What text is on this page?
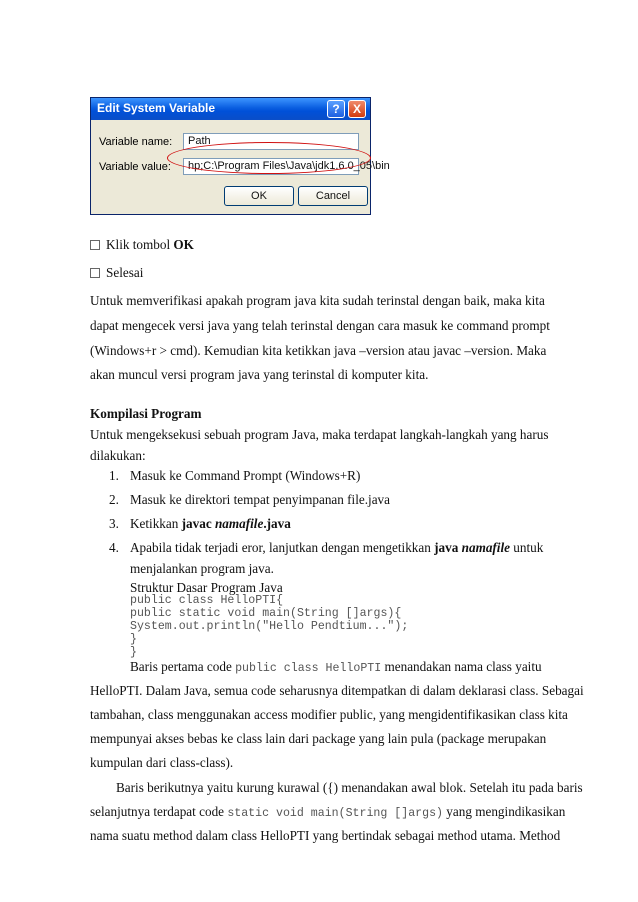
Edit System Variable	?	X
Variable name:	Path
Variable value:	hp;C:\Program Files\Java\jdk1.6.0_05\bin
OK	Cancel
Klik tombol OK
Selesai
Untuk memverifikasi apakah program java kita sudah terinstal dengan baik, maka kita
dapat mengecek versi java yang telah terinstal dengan cara masuk ke command prompt
(Windows+r > cmd). Kemudian kita ketikkan java –version atau javac –version. Maka
akan muncul versi program java yang terinstal di komputer kita.
Kompilasi Program
Untuk mengeksekusi sebuah program Java, maka terdapat langkah-langkah yang harus
dilakukan:
1. Masuk ke Command Prompt (Windows+R)
2. Masuk ke direktori tempat penyimpanan file.java
3. Ketikkan javac namafile.java
4. Apabila tidak terjadi eror, lanjutkan dengan mengetikkan java namafile untuk
menjalankan program java.
Struktur Dasar Program Java
public class HelloPTI{
public static void main(String []args){
System.out.println("Hello Pendtium...");
}
}
Baris pertama code public class HelloPTI menandakan nama class yaitu
HelloPTI. Dalam Java, semua code seharusnya ditempatkan di dalam deklarasi class. Sebagai
tambahan, class menggunakan access modifier public, yang mengidentifikasikan class kita
mempunyai akses bebas ke class lain dari package yang lain pula (package merupakan
kumpulan dari class-class).
Baris berikutnya yaitu kurung kurawal ({) menandakan awal blok. Setelah itu pada baris
selanjutnya terdapat code static void main(String []args) yang mengindikasikan
nama suatu method dalam class HelloPTI yang bertindak sebagai method utama. Method
